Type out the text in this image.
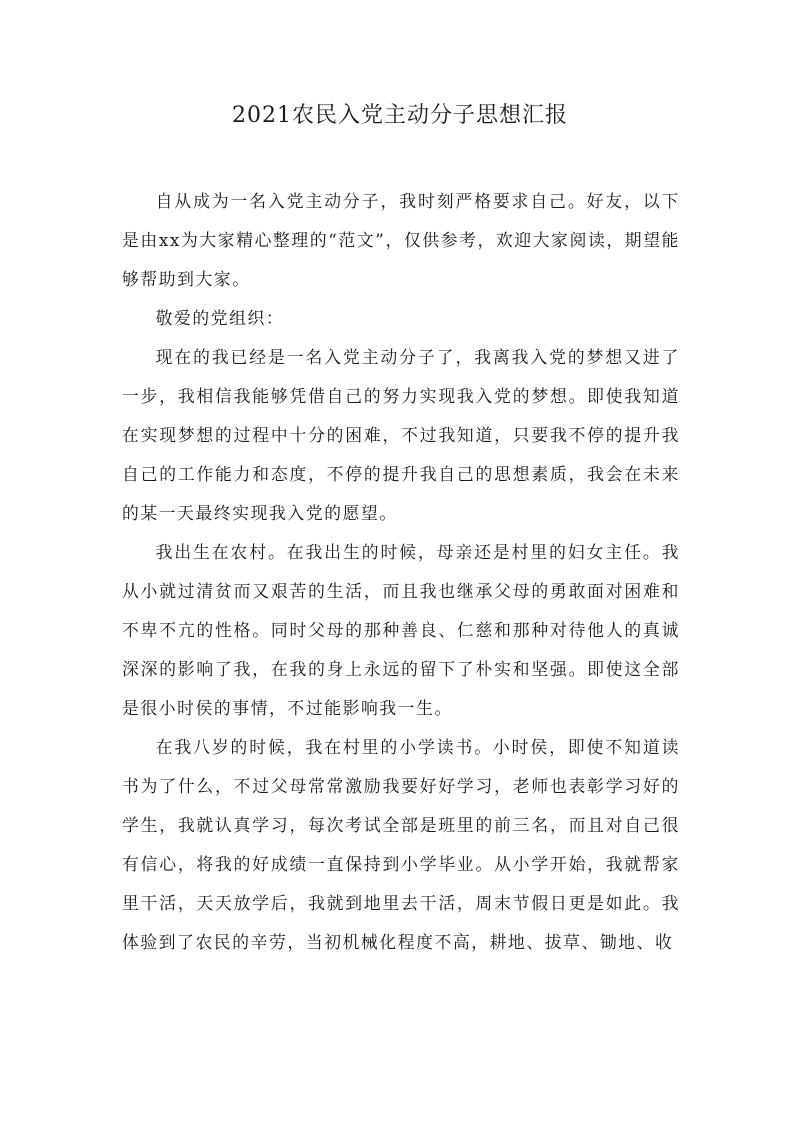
2021农民入党主动分子思想汇报

自从成为一名入党主动分子，我时刻严格要求自己。好友，以下是由xx为大家精心整理的“范文”，仅供参考，欢迎大家阅读，期望能够帮助到大家。

敬爱的党组织：

现在的我已经是一名入党主动分子了，我离我入党的梦想又进了一步，我相信我能够凭借自己的努力实现我入党的梦想。即使我知道在实现梦想的过程中十分的困难，不过我知道，只要我不停的提升我自己的工作能力和态度，不停的提升我自己的思想素质，我会在未来的某一天最终实现我入党的愿望。

我出生在农村。在我出生的时候，母亲还是村里的妇女主任。我从小就过清贫而又艰苦的生活，而且我也继承父母的勇敢面对困难和不卑不亢的性格。同时父母的那种善良、仁慈和那种对待他人的真诚深深的影响了我，在我的身上永远的留下了朴实和坚强。即使这全部是很小时侯的事情，不过能影响我一生。

在我八岁的时候，我在村里的小学读书。小时侯，即使不知道读书为了什么，不过父母常常激励我要好好学习，老师也表彰学习好的学生，我就认真学习，每次考试全部是班里的前三名，而且对自己很有信心，将我的好成绩一直保持到小学毕业。从小学开始，我就帮家里干活，天天放学后，我就到地里去干活，周末节假日更是如此。我体验到了农民的辛劳，当初机械化程度不高，耕地、拔草、锄地、收
